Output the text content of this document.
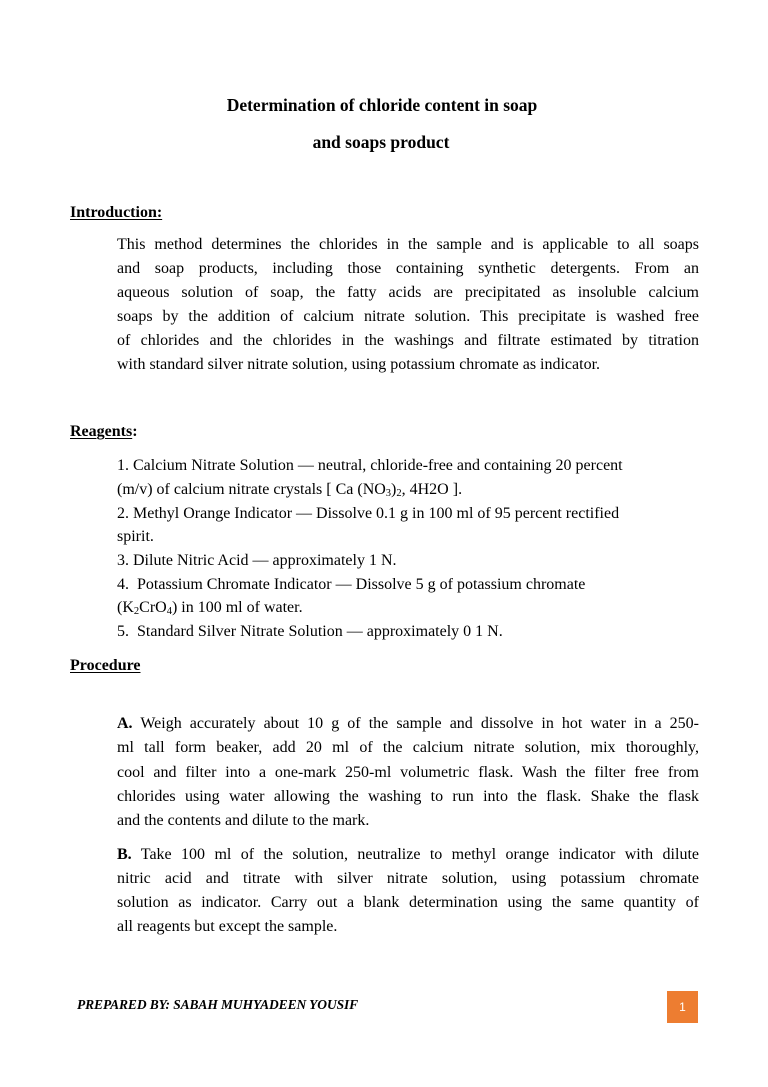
Determination of chloride content in soap
and soaps product
Introduction:
This method determines the chlorides in the sample and is applicable to all soaps
and soap products, including those containing synthetic detergents. From an
aqueous solution of soap, the fatty acids are precipitated as insoluble calcium
soaps by the addition of calcium nitrate solution. This precipitate is washed free
of chlorides and the chlorides in the washings and filtrate estimated by titration
with standard silver nitrate solution, using potassium chromate as indicator.
Reagents:
1. Calcium Nitrate Solution — neutral, chloride-free and containing 20 percent
(m/v) of calcium nitrate crystals [ Ca $(NO_3)_2$, 4H2O ].
2. Methyl Orange Indicator — Dissolve 0.1 g in 100 ml of 95 percent rectified
spirit.
3. Dilute Nitric Acid — approximately 1 N.
4.  Potassium Chromate Indicator — Dissolve 5 g of potassium chromate
$(K_2CrO_4)$ in 100 ml of water.
5.  Standard Silver Nitrate Solution — approximately 0 1 N.
Procedure
A. Weigh accurately about 10 g of the sample and dissolve in hot water in a 250-
ml tall form beaker, add 20 ml of the calcium nitrate solution, mix thoroughly,
cool and filter into a one-mark 250-ml volumetric flask. Wash the filter free from
chlorides using water allowing the washing to run into the flask. Shake the flask
and the contents and dilute to the mark.
B. Take 100 ml of the solution, neutralize to methyl orange indicator with dilute
nitric acid and titrate with silver nitrate solution, using potassium chromate
solution as indicator. Carry out a blank determination using the same quantity of
all reagents but except the sample.
PREPARED BY: SABAH MUHYADEEN YOUSIF	1
